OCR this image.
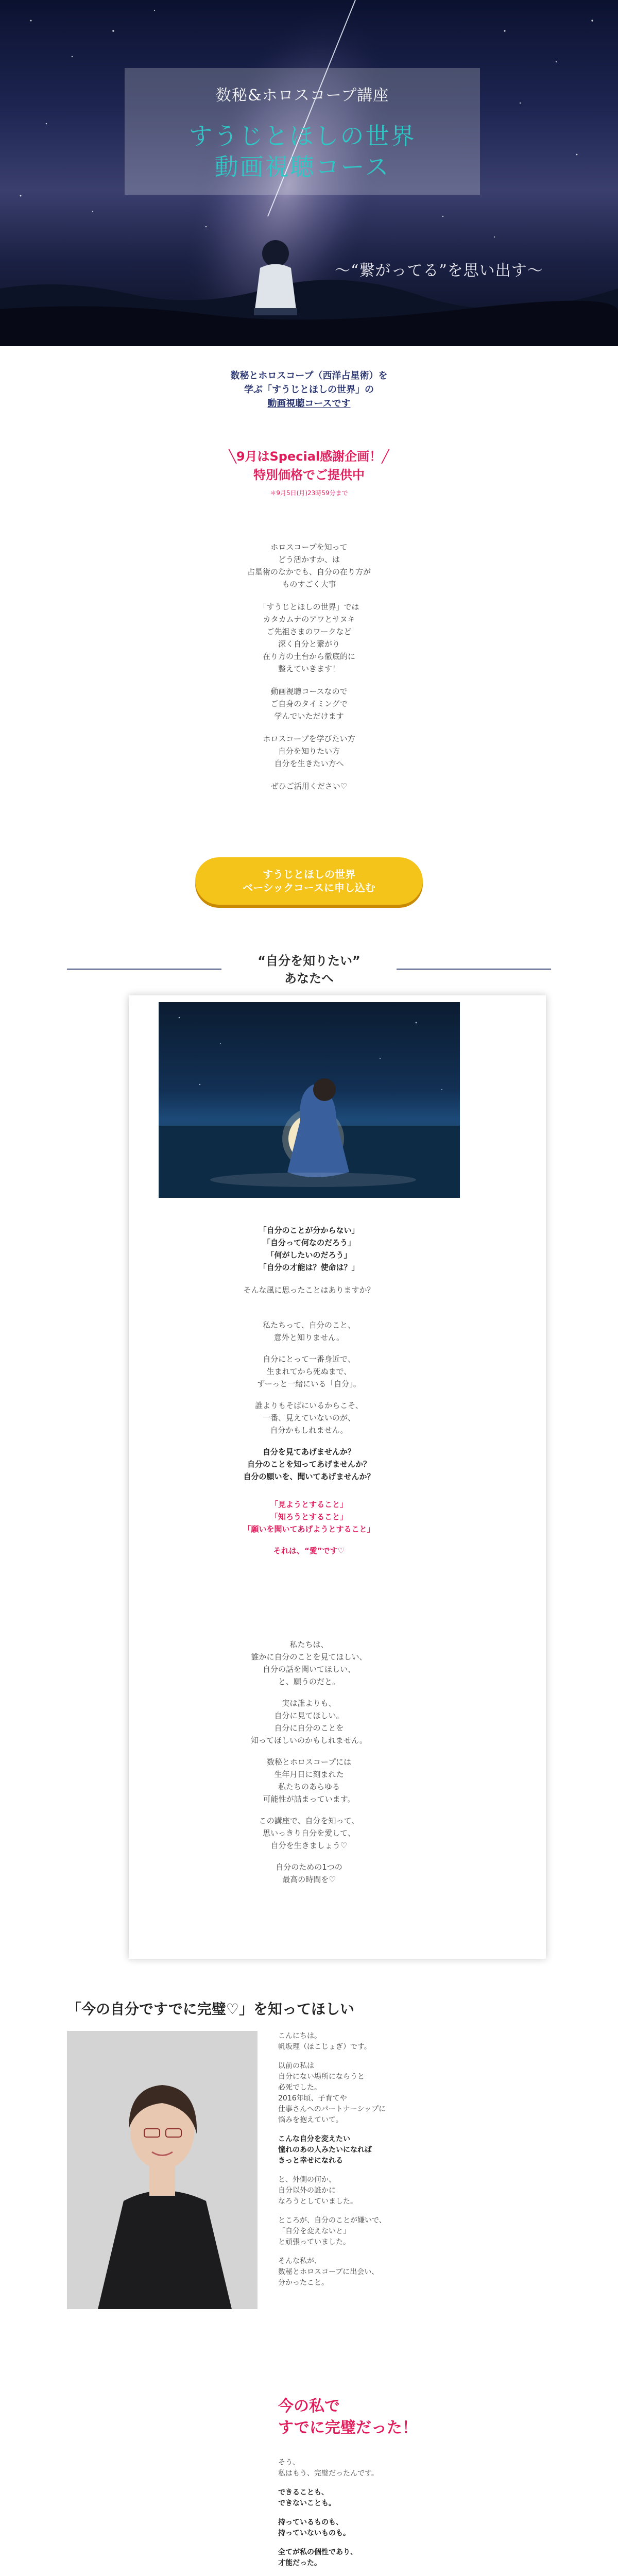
数秘&ホロスコープ講座
すうじとほしの世界
動画視聴コース
～“繋がってる”を思い出す～
数秘とホロスコープ（西洋占星術）を
学ぶ「すうじとほしの世界」の
動画視聴コースです
╲9月はSpecial感謝企画！╱
特別価格でご提供中
＊9月5日(月)23時59分まで

ホロスコープを知って
どう活かすか、は
占星術のなかでも、自分の在り方が
ものすごく大事

「すうじとほしの世界」では
カタカムナのアワとサヌキ
ご先祖さまのワークなど
深く自分と繋がり
在り方の土台から徹底的に
整えていきます！

動画視聴コースなので
ご自身のタイミングで
学んでいただけます

ホロスコープを学びたい方
自分を知りたい方
自分を生きたい方へ

ぜひご活用ください♡

すうじとほしの世界
ベーシックコースに申し込む
“自分を知りたい”
あなたへ

「自分のことが分からない」
「自分って何なのだろう」
「何がしたいのだろう」
「自分の才能は？使命は？」

そんな風に思ったことはありますか？

私たちって、自分のこと、
意外と知りません。

自分にとって一番身近で、
生まれてから死ぬまで、
ずーっと一緒にいる「自分」。

誰よりもそばにいるからこそ、
一番、見えていないのが、
自分かもしれません。

自分を見てあげませんか？
自分のことを知ってあげませんか？
自分の願いを、聞いてあげませんか？

「見ようとすること」
「知ろうとすること」
「願いを聞いてあげようとすること」

それは、“愛”です♡

私たちは、
誰かに自分のことを見てほしい、
自分の話を聞いてほしい、
と、願うのだと。

実は誰よりも、
自分に見てほしい。
自分に自分のことを
知ってほしいのかもしれません。

数秘とホロスコープには
生年月日に刻まれた
私たちのあらゆる
可能性が詰まっています。

この講座で、自分を知って、
思いっきり自分を愛して、
自分を生きましょう♡

自分のための1つの
最高の時間を♡

「今の自分ですでに完璧♡」を知ってほしい

こんにちは。
帆坂理（ほこじょぎ）です。

以前の私は
自分にない場所にならうと
必死でした。
2016年頃、子育てや
仕事さんへのパートナーシップに
悩みを抱えていて。

こんな自分を変えたい
憧れのあの人みたいになれば
きっと幸せになれる

と、外側の何か、
自分以外の誰かに
なろうとしていました。

ところが、自分のことが嫌いで、
「自分を変えないと」
と頑張っていました。

そんな私が、
数秘とホロスコープに出会い、
分かったこと。

今の私で
すでに完璧だった！

そう、
私はもう、完璧だったんです。

できることも、
できないことも。

持っているものも、
持っていないものも。

全てが私の個性であり、
才能だった。
